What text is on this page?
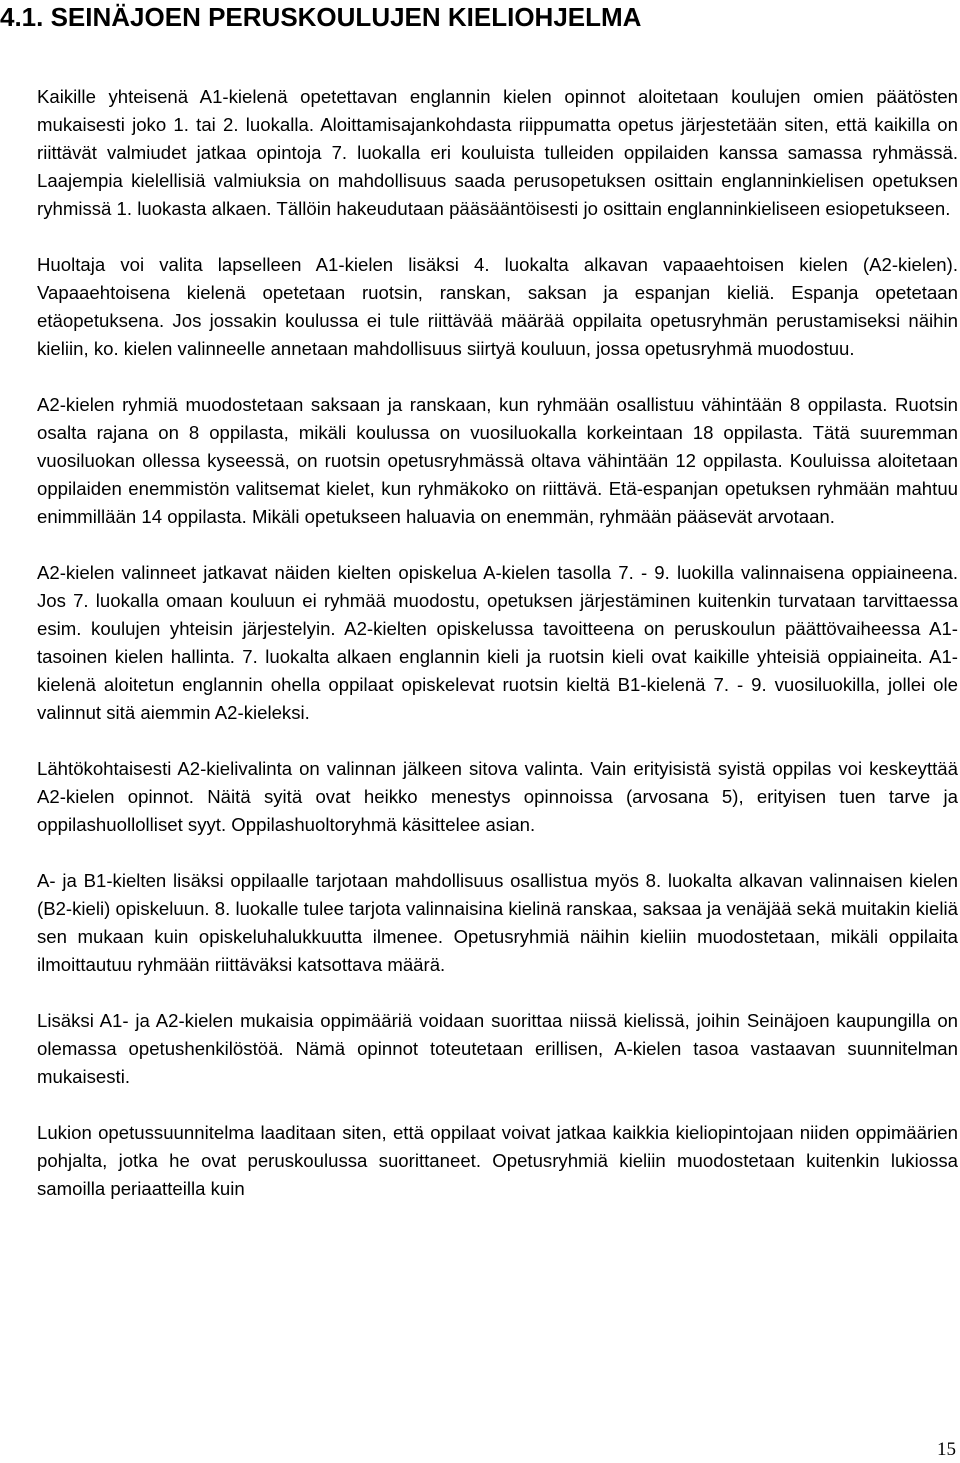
4.1. SEINÄJOEN PERUSKOULUJEN KIELIOHJELMA

Kaikille yhteisenä A1-kielenä opetettavan englannin kielen opinnot aloitetaan koulujen omien päätösten mukaisesti joko 1. tai 2. luokalla. Aloittamisajankohdasta riippumatta opetus järjestetään siten, että kaikilla on riittävät valmiudet jatkaa opintoja 7. luokalla eri kouluista tulleiden oppilaiden kanssa samassa ryhmässä. Laajempia kielellisiä valmiuksia on mahdollisuus saada perusopetuksen osittain englanninkielisen opetuksen ryhmissä 1. luokasta alkaen. Tällöin hakeudutaan pääsääntöisesti jo osittain englanninkieliseen esiopetukseen.

Huoltaja voi valita lapselleen A1-kielen lisäksi 4. luokalta alkavan vapaaehtoisen kielen (A2-kielen). Vapaaehtoisena kielenä opetetaan ruotsin, ranskan, saksan ja espanjan kieliä. Espanja opetetaan etäopetuksena. Jos jossakin koulussa ei tule riittävää määrää oppilaita opetusryhmän perustamiseksi näihin kieliin, ko. kielen valinneelle annetaan mahdollisuus siirtyä kouluun, jossa opetusryhmä muodostuu.

A2-kielen ryhmiä muodostetaan saksaan ja ranskaan, kun ryhmään osallistuu vähintään 8 oppilasta. Ruotsin osalta rajana on 8 oppilasta, mikäli koulussa on vuosiluokalla korkeintaan 18 oppilasta. Tätä suuremman vuosiluokan ollessa kyseessä, on ruotsin opetusryhmässä oltava vähintään 12 oppilasta. Kouluissa aloitetaan oppilaiden enemmistön valitsemat kielet, kun ryhmäkoko on riittävä. Etä-espanjan opetuksen ryhmään mahtuu enimmillään 14 oppilasta. Mikäli opetukseen haluavia on enemmän, ryhmään pääsevät arvotaan.

A2-kielen valinneet jatkavat näiden kielten opiskelua A-kielen tasolla 7. - 9. luokilla valinnaisena oppiaineena. Jos 7. luokalla omaan kouluun ei ryhmää muodostu, opetuksen järjestäminen kuitenkin turvataan tarvittaessa esim. koulujen yhteisin järjestelyin. A2-kielten opiskelussa tavoitteena on peruskoulun päättövaiheessa A1-tasoinen kielen hallinta. 7. luokalta alkaen englannin kieli ja ruotsin kieli ovat kaikille yhteisiä oppiaineita. A1-kielenä aloitetun englannin ohella oppilaat opiskelevat ruotsin kieltä B1-kielenä 7. - 9. vuosiluokilla, jollei ole valinnut sitä aiemmin A2-kieleksi.

Lähtökohtaisesti A2-kielivalinta on valinnan jälkeen sitova valinta. Vain erityisistä syistä oppilas voi keskeyttää A2-kielen opinnot. Näitä syitä ovat heikko menestys opinnoissa (arvosana 5), erityisen tuen tarve ja oppilashuollolliset syyt. Oppilashuoltoryhmä käsittelee asian.

A- ja B1-kielten lisäksi oppilaalle tarjotaan mahdollisuus osallistua myös 8. luokalta alkavan valinnaisen kielen (B2-kieli) opiskeluun. 8. luokalle tulee tarjota valinnaisina kielinä ranskaa, saksaa ja venäjää sekä muitakin kieliä sen mukaan kuin opiskeluhalukkuutta ilmenee. Opetusryhmiä näihin kieliin muodostetaan, mikäli oppilaita ilmoittautuu ryhmään riittäväksi katsottava määrä.

Lisäksi A1- ja A2-kielen mukaisia oppimääriä voidaan suorittaa niissä kielissä, joihin Seinäjoen kaupungilla on olemassa opetushenkilöstöä. Nämä opinnot toteutetaan erillisen, A-kielen tasoa vastaavan suunnitelman mukaisesti.

Lukion opetussuunnitelma laaditaan siten, että oppilaat voivat jatkaa kaikkia kieliopintojaan niiden oppimäärien pohjalta, jotka he ovat peruskoulussa suorittaneet. Opetusryhmiä kieliin muodostetaan kuitenkin lukiossa samoilla periaatteilla kuin

15
